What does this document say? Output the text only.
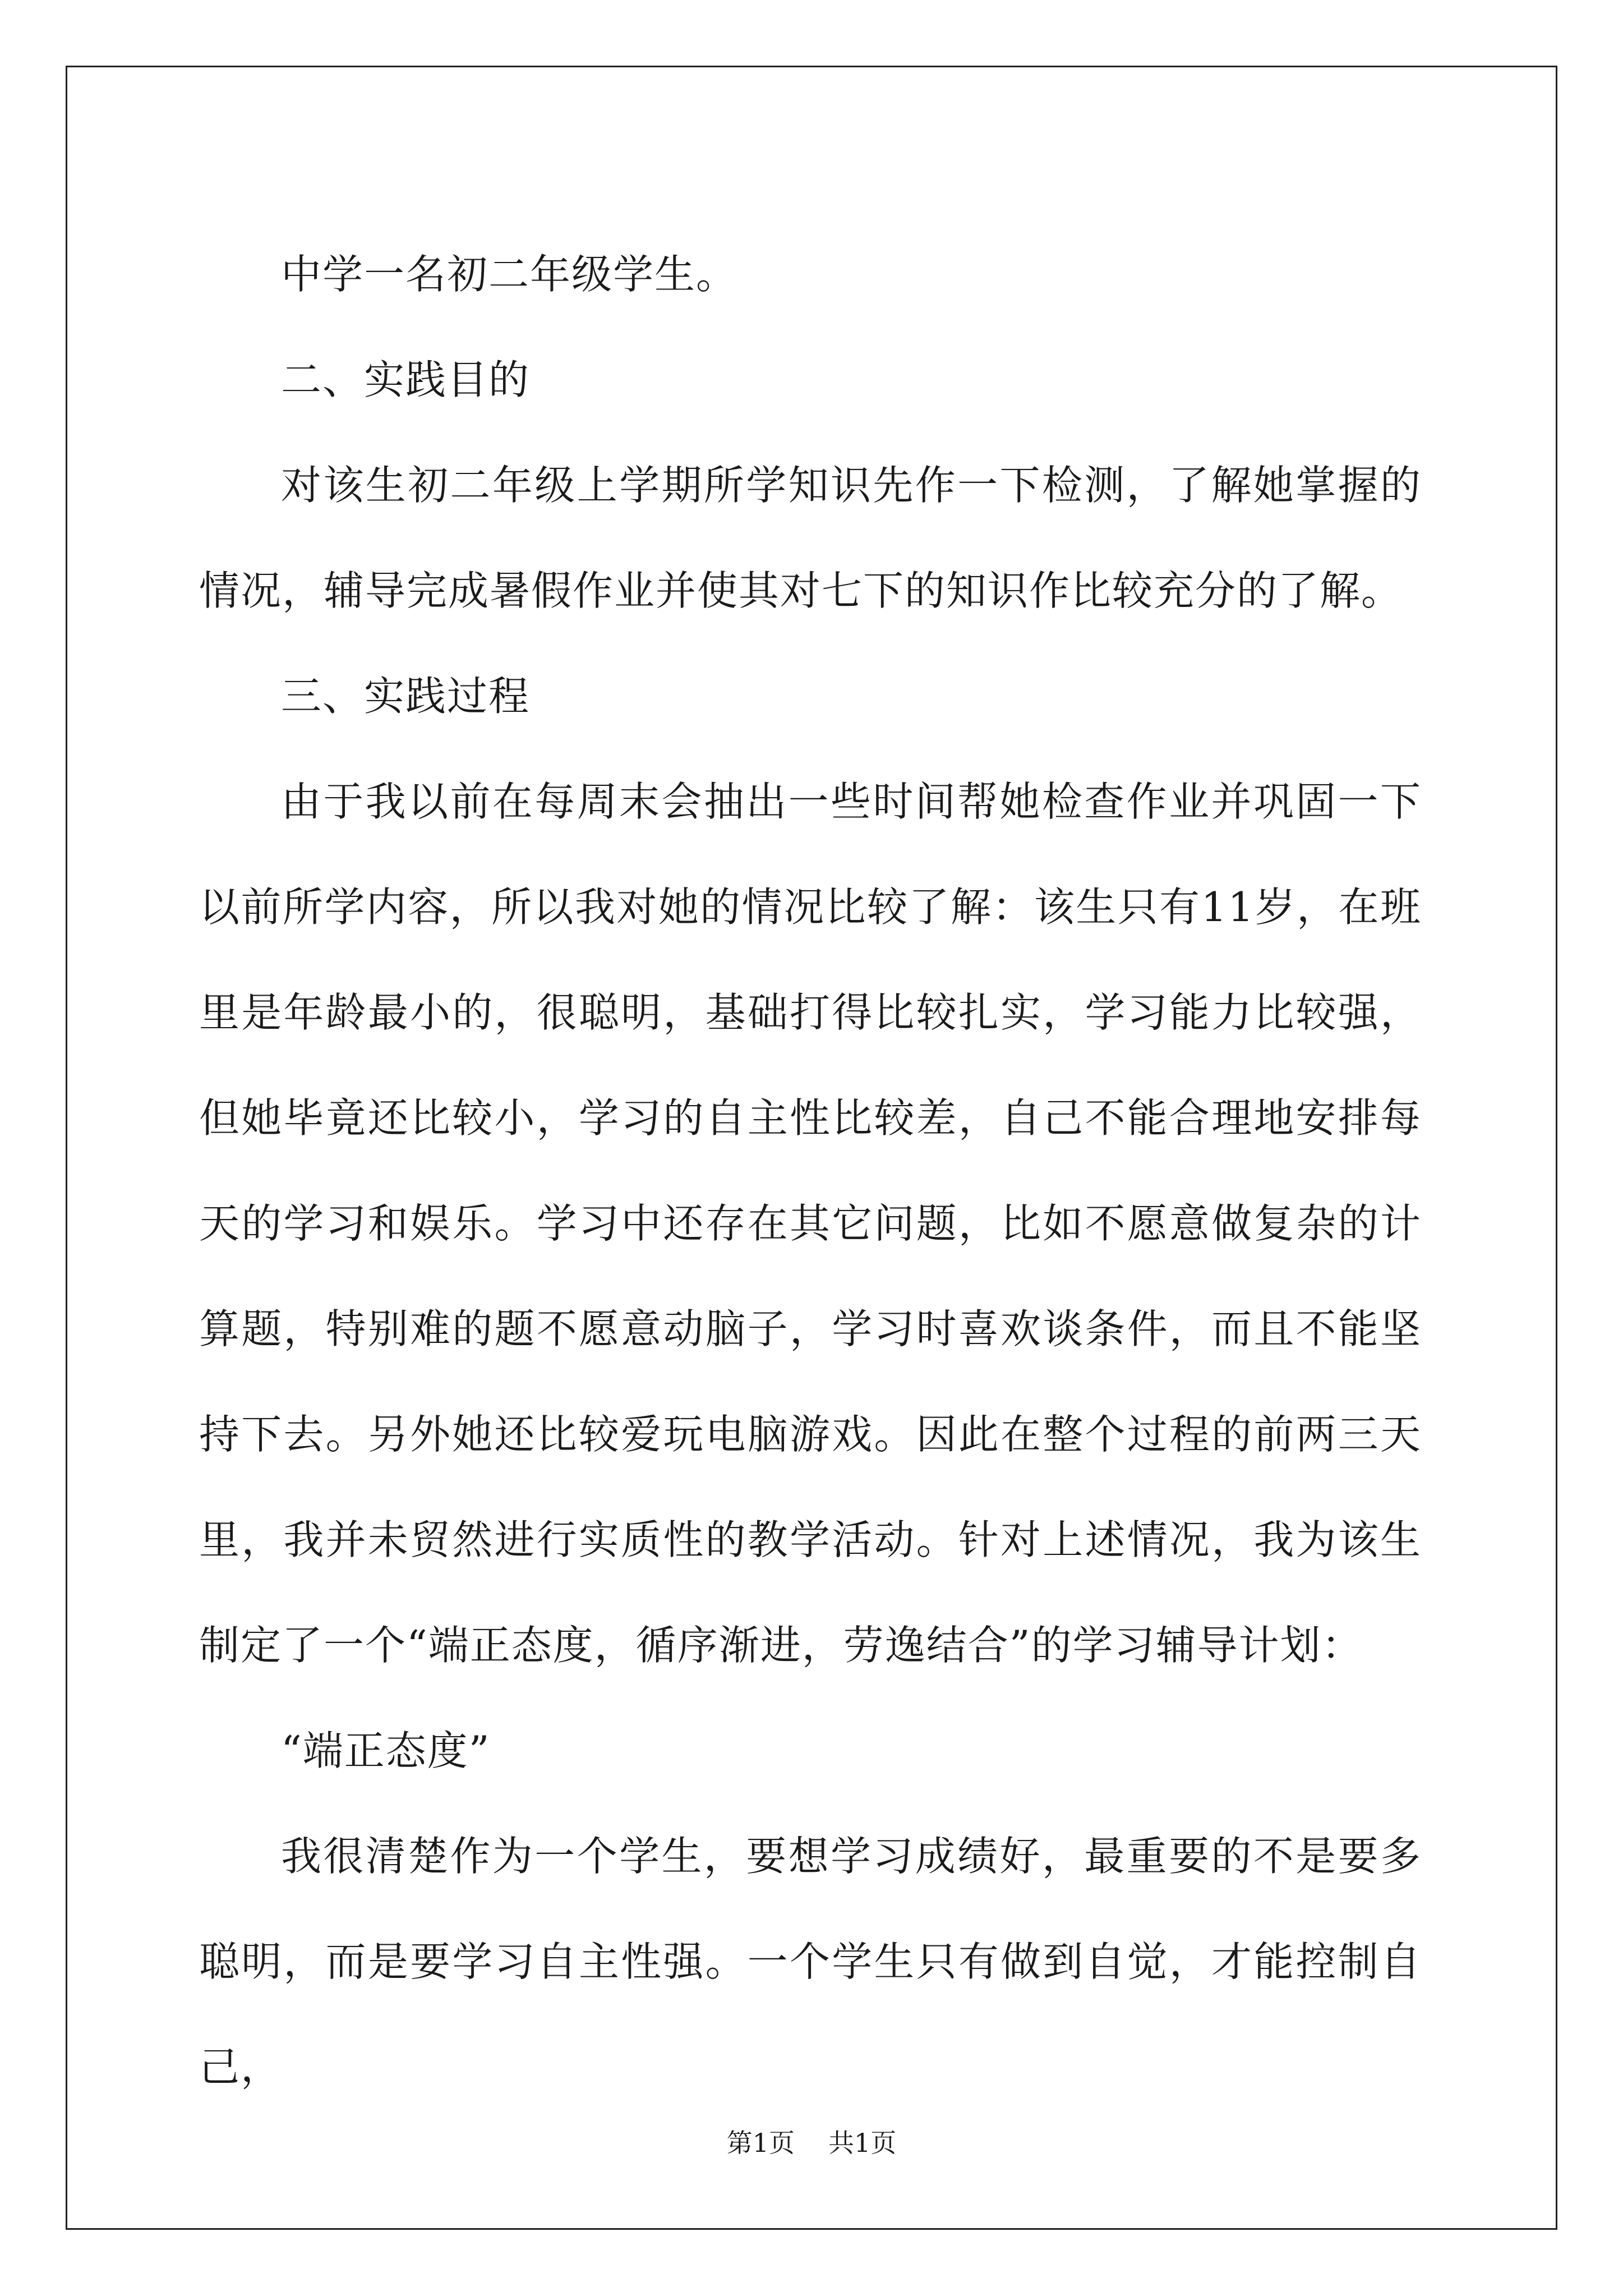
中学一名初二年级学生。

二、实践目的

对该生初二年级上学期所学知识先作一下检测，了解她掌握的情况，辅导完成暑假作业并使其对七下的知识作比较充分的了解。

三、实践过程

由于我以前在每周末会抽出一些时间帮她检查作业并巩固一下以前所学内容，所以我对她的情况比较了解：该生只有11岁，在班里是年龄最小的，很聪明，基础打得比较扎实，学习能力比较强，但她毕竟还比较小，学习的自主性比较差，自己不能合理地安排每天的学习和娱乐。学习中还存在其它问题，比如不愿意做复杂的计算题，特别难的题不愿意动脑子，学习时喜欢谈条件，而且不能坚持下去。另外她还比较爱玩电脑游戏。因此在整个过程的前两三天里，我并未贸然进行实质性的教学活动。针对上述情况，我为该生制定了一个“端正态度，循序渐进，劳逸结合”的学习辅导计划：

“端正态度”

我很清楚作为一个学生，要想学习成绩好，最重要的不是要多聪明，而是要学习自主性强。一个学生只有做到自觉，才能控制自己，

第1页 共1页
